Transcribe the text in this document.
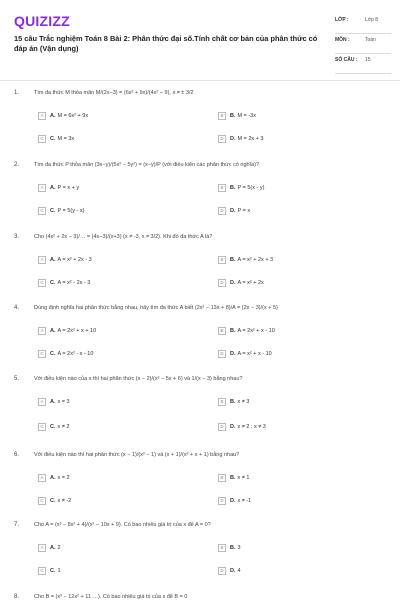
QUIZIZZ
15 câu Trắc nghiệm Toán 8 Bài 2: Phân thức đại số.Tính chất cơ bản của phân thức có đáp án (Vận dụng)
LỚP :	Lớp 8
MÔN :	Toán
SỐ CÂU :	15
1.	Tìm đa thức M thỏa mãn M/(2x−3) = (6x² + 9x)/(4x² − 9), x ≠ ± 3/2
A	A. M = 6x² + 9x	B	B. M = -3x
C	C. M = 3x	D	D. M = 2x + 3
2.	Tìm đa thức P thỏa mãn (3x−y)/(5x² − 5y²) = (x−y)/P (với điều kiện các phân thức có nghĩa)?
A	A. P = x + y	B	B. P = 5(x - y)
C	C. P = 5(y - x)	D	D. P = x
3.	Cho (4x² + 2x − 3)/… = (4x−3)/(x+3) (x ≠ -3, x ≠ 3/2). Khi đó đa thức A là?
A	A. A = x² + 2x - 3	B	B. A = x² + 2x + 3
C	C. A = x² - 2x - 3	D	D. A = x² + 2x
4.	Dùng định nghĩa hai phân thức bằng nhau, hãy tìm đa thức A biết (2x² − 13x + 8)/A = (2x − 3)/(x + 5)
A	A. A = 2x² + x + 10	B	B. A = 2x² + x - 10
C	C. A = 2x² - x - 10	D	D. A = x² + x - 10
5.	Với điều kiện nào của x thì hai phân thức (x − 2)/(x² − 5x + 6) và 1/(x − 3) bằng nhau?
A	A. x = 3	B	B. x ≠ 3
C	C. x ≠ 2	D	D. x ≠ 2 ; x ≠ 3
6.	Với điều kiện nào thì hai phân thức (x − 1)/(x² − 1) và (x + 1)/(x² + x + 1) bằng nhau?
A	A. x = 2	B	B. x ≠ 1
C	C. x ≠ -2	D	D. x ≠ -1
7.	Cho A = (x³ − 8x² + 4)/(x² − 10x + 9). Có bao nhiêu giá trị của x để A = 0?
A	A. 2	B	B. 3
C	C. 1	D	D. 4
8.	Cho B = (x³ − 12x² + 11 …). Có bao nhiêu giá trị của x để B = 0
